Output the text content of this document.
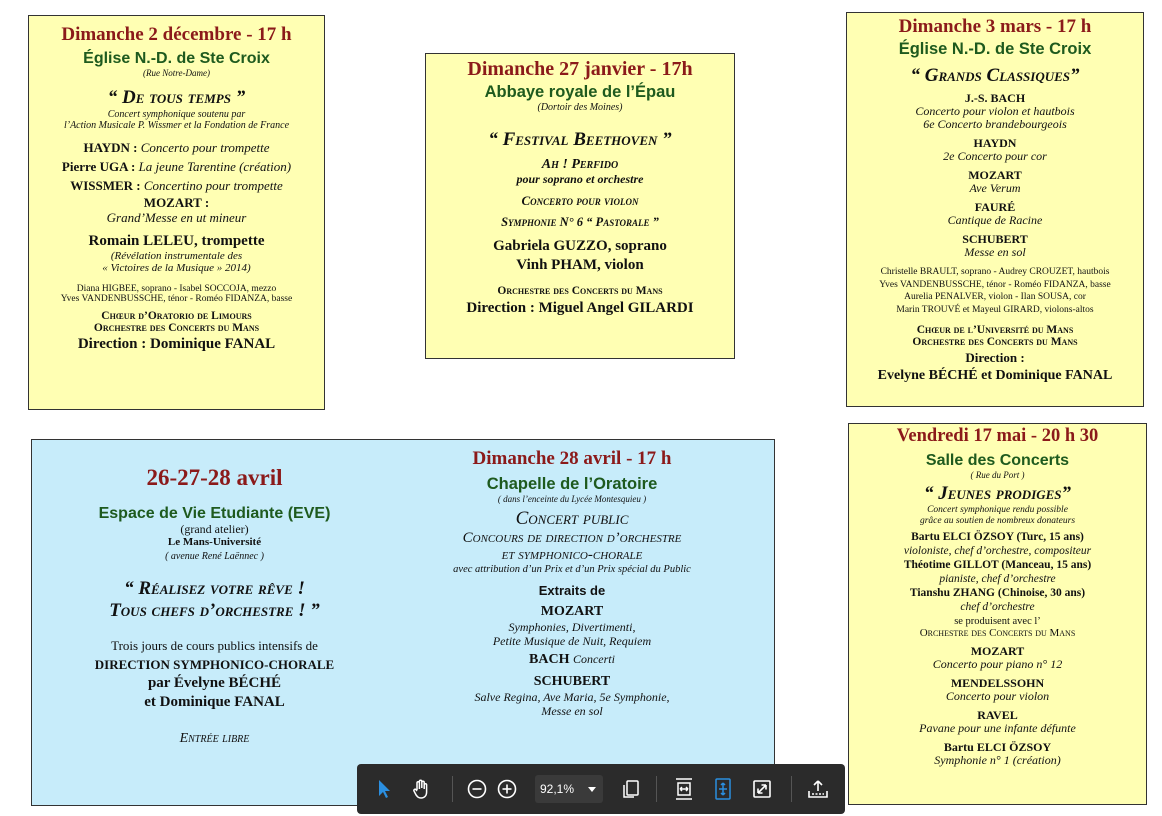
Dimanche 2 décembre - 17 h
Église N.-D. de Ste Croix
(Rue Notre-Dame)
“ De tous temps ”
Concert symphonique soutenu par
l’Action Musicale P. Wissmer et la Fondation de France
HAYDN : Concerto pour trompette
Pierre UGA : La jeune Tarentine (création)
WISSMER : Concertino pour trompette
MOZART :
Grand’Messe en ut mineur
Romain LELEU, trompette
(Révélation instrumentale des
« Victoires de la Musique » 2014)
Diana HIGBEE, soprano - Isabel SOCCOJA, mezzo
Yves VANDENBUSSCHE, ténor - Roméo FIDANZA, basse
Chœur d’Oratorio de Limours
Orchestre des Concerts du Mans
Direction : Dominique FANAL
Dimanche 27 janvier - 17h
Abbaye royale de l’Épau
(Dortoir des Moines)
“ Festival Beethoven ”
Ah ! Perfido
pour soprano et orchestre
Concerto pour violon
Symphonie N° 6 “ Pastorale ”
Gabriela GUZZO, soprano
Vinh PHAM, violon
Orchestre des Concerts du Mans
Direction : Miguel Angel GILARDI
Dimanche 3 mars - 17 h
Église N.-D. de Ste Croix
“ Grands Classiques”
J.-S. BACH
Concerto pour violon et hautbois
6e Concerto brandebourgeois
HAYDN
2e Concerto pour cor
MOZART
Ave Verum
FAURÉ
Cantique de Racine
SCHUBERT
Messe en sol
Christelle BRAULT, soprano - Audrey CROUZET, hautbois
Yves VANDENBUSSCHE, ténor - Roméo FIDANZA, basse
Aurelia PENALVER, violon - Ilan SOUSA, cor
Marin TROUVÉ et Mayeul GIRARD, violons-altos
Chœur de l’Université du Mans
Orchestre des Concerts du Mans
Direction :
Evelyne BÉCHÉ et Dominique FANAL
26-27-28 avril
Espace de Vie Etudiante (EVE)
(grand atelier)
Le Mans-Université
( avenue René Laënnec )
“ Réalisez votre rêve !
Tous chefs d’orchestre ! ”
Trois jours de cours publics intensifs de
DIRECTION SYMPHONICO-CHORALE
par Évelyne BÉCHÉ
et Dominique FANAL
Entrée libre
Dimanche 28 avril - 17 h
Chapelle de l’Oratoire
( dans l’enceinte du Lycée Montesquieu )
Concert public
Concours de direction d’orchestre
et symphonico-chorale
avec attribution d’un Prix et d’un Prix spécial du Public
Extraits de
MOZART
Symphonies, Divertimenti,
Petite Musique de Nuit, Requiem
BACH Concerti
SCHUBERT
Salve Regina, Ave Maria, 5e Symphonie,
Messe en sol
Vendredi 17 mai - 20 h 30
Salle des Concerts
( Rue du Port )
“ Jeunes prodiges”
Concert symphonique rendu possible
grâce au soutien de nombreux donateurs
Bartu ELCI ÖZSOY (Turc, 15 ans)
violoniste, chef d’orchestre, compositeur
Théotime GILLOT (Manceau, 15 ans)
pianiste, chef d’orchestre
Tianshu ZHANG (Chinoise, 30 ans)
chef d’orchestre
se produisent avec l’
Orchestre des Concerts du Mans
MOZART
Concerto pour piano n° 12
MENDELSSOHN
Concerto pour violon
RAVEL
Pavane pour une infante défunte
Bartu ELCI ÖZSOY
Symphonie n° 1 (création)
92,1%
